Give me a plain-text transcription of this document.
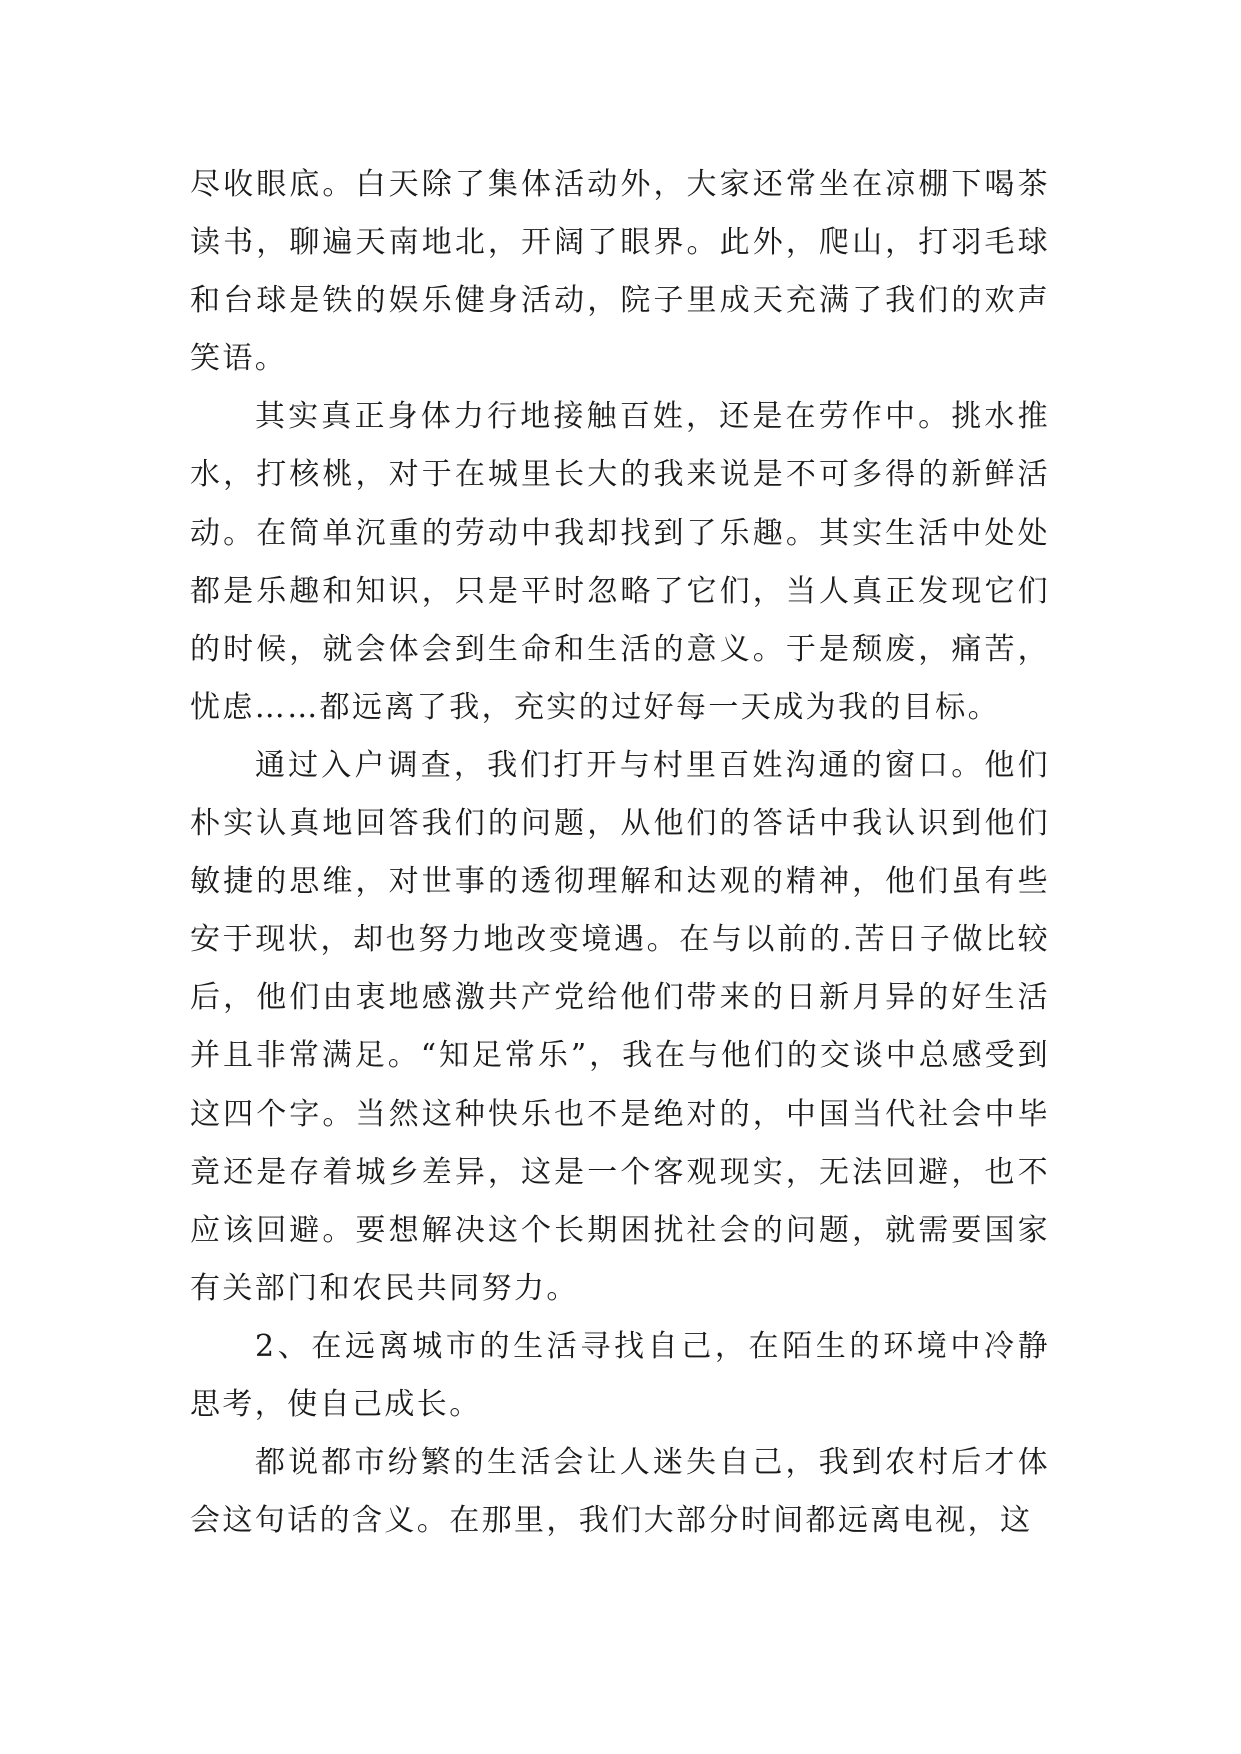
尽收眼底。白天除了集体活动外，大家还常坐在凉棚下喝茶读书，聊遍天南地北，开阔了眼界。此外，爬山，打羽毛球和台球是铁的娱乐健身活动，院子里成天充满了我们的欢声笑语。

其实真正身体力行地接触百姓，还是在劳作中。挑水推水，打核桃，对于在城里长大的我来说是不可多得的新鲜活动。在简单沉重的劳动中我却找到了乐趣。其实生活中处处都是乐趣和知识，只是平时忽略了它们，当人真正发现它们的时候，就会体会到生命和生活的意义。于是颓废，痛苦，忧虑……都远离了我，充实的过好每一天成为我的目标。

通过入户调查，我们打开与村里百姓沟通的窗口。他们朴实认真地回答我们的问题，从他们的答话中我认识到他们敏捷的思维，对世事的透彻理解和达观的精神，他们虽有些安于现状，却也努力地改变境遇。在与以前的.苦日子做比较后，他们由衷地感激共产党给他们带来的日新月异的好生活并且非常满足。“知足常乐”，我在与他们的交谈中总感受到这四个字。当然这种快乐也不是绝对的，中国当代社会中毕竟还是存着城乡差异，这是一个客观现实，无法回避，也不应该回避。要想解决这个长期困扰社会的问题，就需要国家有关部门和农民共同努力。

2、在远离城市的生活寻找自己，在陌生的环境中冷静思考，使自己成长。

都说都市纷繁的生活会让人迷失自己，我到农村后才体会这句话的含义。在那里，我们大部分时间都远离电视，这
